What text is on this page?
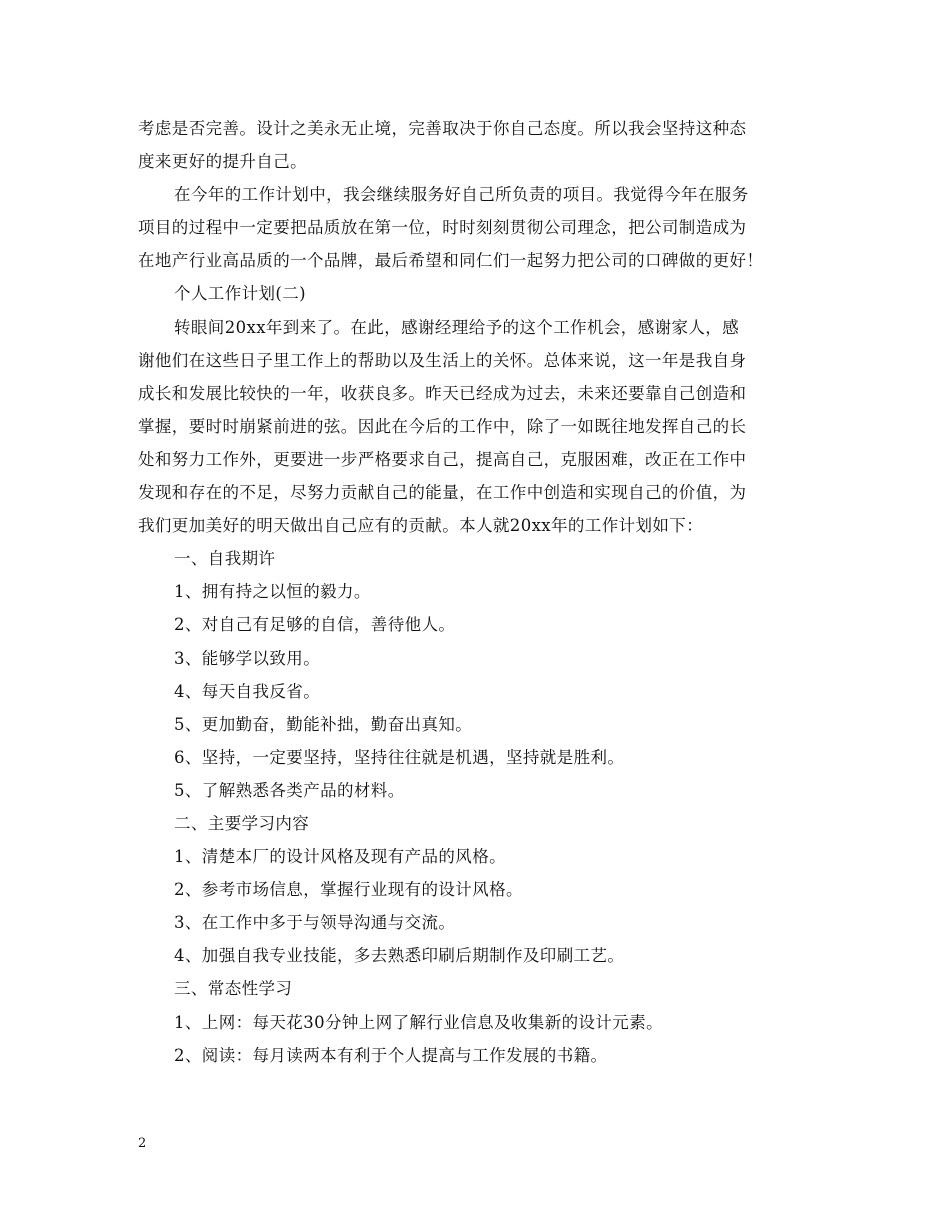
考虑是否完善。设计之美永无止境，完善取决于你自己态度。所以我会坚持这种态
度来更好的提升自己。
在今年的工作计划中，我会继续服务好自己所负责的项目。我觉得今年在服务
项目的过程中一定要把品质放在第一位，时时刻刻贯彻公司理念，把公司制造成为
在地产行业高品质的一个品牌，最后希望和同仁们一起努力把公司的口碑做的更好！
个人工作计划(二)
转眼间20xx年到来了。在此，感谢经理给予的这个工作机会，感谢家人，感
谢他们在这些日子里工作上的帮助以及生活上的关怀。总体来说，这一年是我自身
成长和发展比较快的一年，收获良多。昨天已经成为过去，未来还要靠自己创造和
掌握，要时时崩紧前进的弦。因此在今后的工作中，除了一如既往地发挥自己的长
处和努力工作外，更要进一步严格要求自己，提高自己，克服困难，改正在工作中
发现和存在的不足，尽努力贡献自己的能量，在工作中创造和实现自己的价值，为
我们更加美好的明天做出自己应有的贡献。本人就20xx年的工作计划如下：
一、自我期许
1、拥有持之以恒的毅力。
2、对自己有足够的自信，善待他人。
3、能够学以致用。
4、每天自我反省。
5、更加勤奋，勤能补拙，勤奋出真知。
6、坚持，一定要坚持，坚持往往就是机遇，坚持就是胜利。
5、了解熟悉各类产品的材料。
二、主要学习内容
1、清楚本厂的设计风格及现有产品的风格。
2、参考市场信息，掌握行业现有的设计风格。
3、在工作中多于与领导沟通与交流。
4、加强自我专业技能，多去熟悉印刷后期制作及印刷工艺。
三、常态性学习
1、上网：每天花30分钟上网了解行业信息及收集新的设计元素。
2、阅读：每月读两本有利于个人提高与工作发展的书籍。
2
